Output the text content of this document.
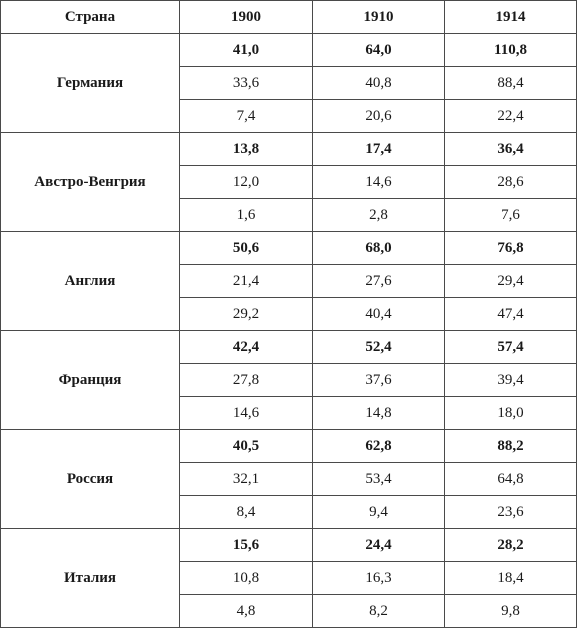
Страна	1900	1910	1914
Германия	41,0	64,0	110,8
	33,6	40,8	88,4
	7,4	20,6	22,4
Австро-Венгрия	13,8	17,4	36,4
	12,0	14,6	28,6
	1,6	2,8	7,6
Англия	50,6	68,0	76,8
	21,4	27,6	29,4
	29,2	40,4	47,4
Франция	42,4	52,4	57,4
	27,8	37,6	39,4
	14,6	14,8	18,0
Россия	40,5	62,8	88,2
	32,1	53,4	64,8
	8,4	9,4	23,6
Италия	15,6	24,4	28,2
	10,8	16,3	18,4
	4,8	8,2	9,8
